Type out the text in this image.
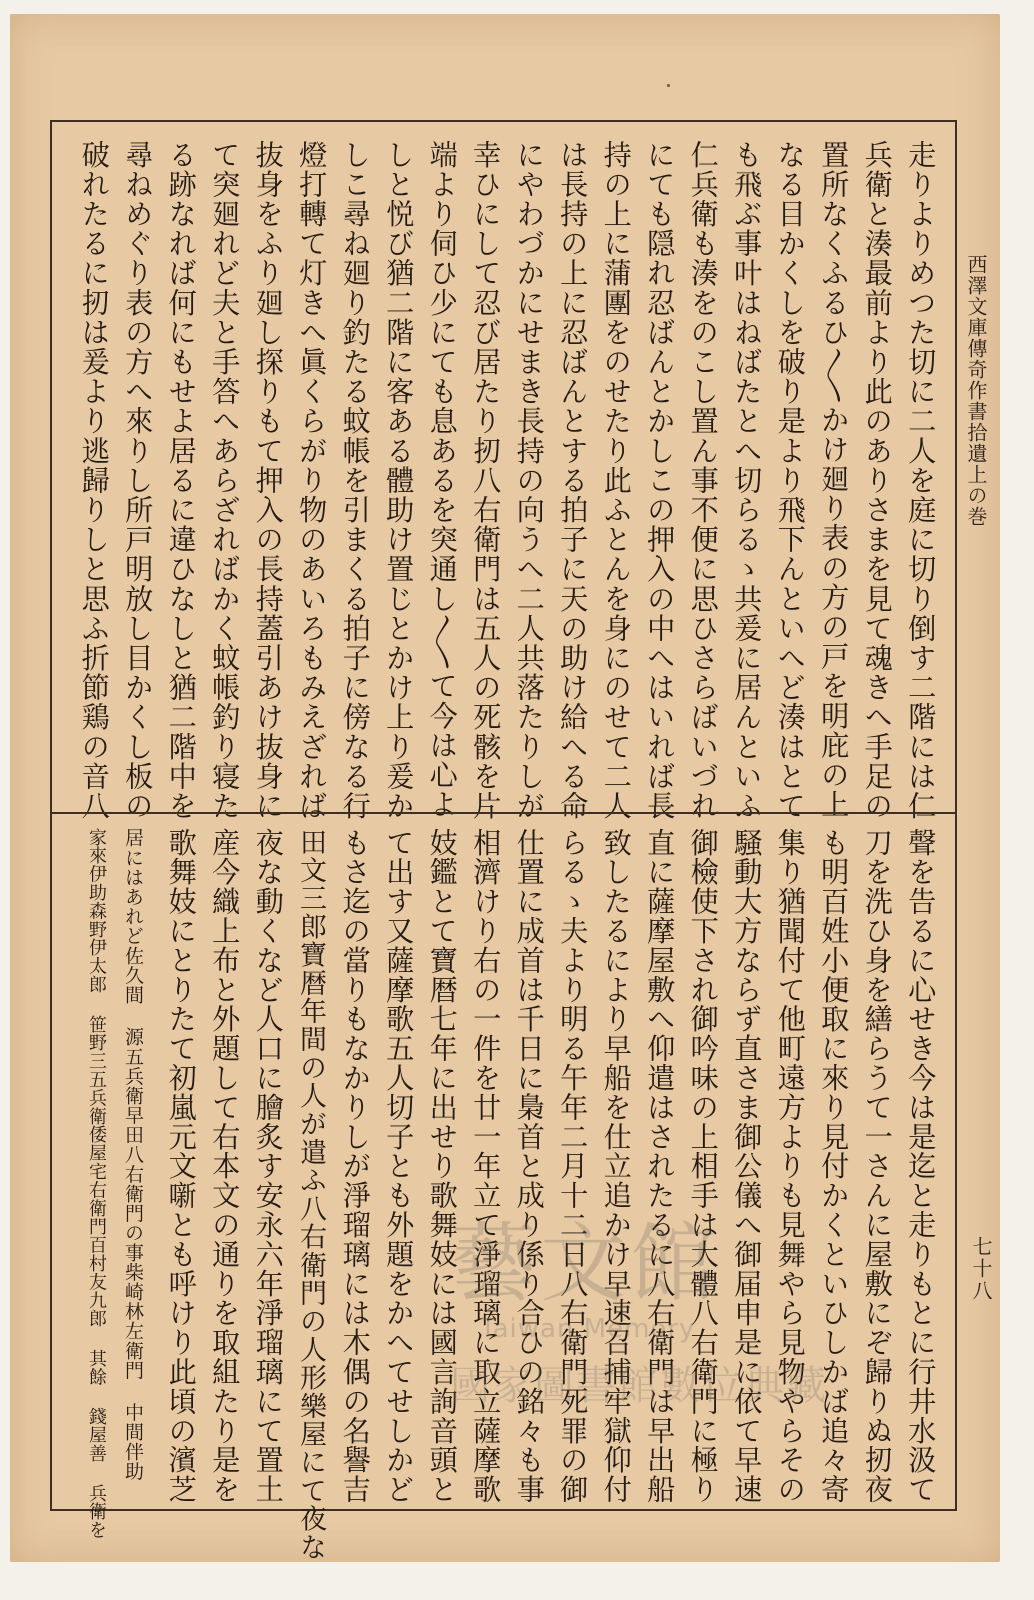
西澤文庫傳奇作書拾遺上の巻
七十八
走りよりめつた切に二人を庭に切り倒す二階には仁
兵衛と湊最前より此のありさまを見て魂きへ手足の
置所なくふるひ〳〵かけ廻り表の方の戸を明庇の上
なる目かくしを破り是より飛下んといへど湊はとて
も飛ぶ事叶はねばたとへ切らるゝ共爰に居んといふ
仁兵衛も湊をのこし置ん事不便に思ひさらばいづれ
にても隠れ忍ばんとかしこの押入の中へはいれば長
持の上に蒲團をのせたり此ふとんを身にのせて二人
は長持の上に忍ばんとする拍子に天の助け給へる命
にやわづかにせまき長持の向うへ二人共落たりしが
幸ひにして忍び居たり扨八右衛門は五人の死骸を片
端より伺ひ少にても息あるを突通し〳〵て今は心よ
しと悦び猶二階に客ある體助け置じとかけ上り爰か
しこ尋ね廻り釣たる蚊帳を引まくる拍子に傍なる行
燈打轉て灯きへ眞くらがり物のあいろもみえざれば
抜身をふり廻し探りもて押入の長持蓋引あけ抜身に
て突廻れど夫と手答へあらざればかく蚊帳釣り寝た
る跡なれば何にもせよ居るに違ひなしと猶二階中を
尋ねめぐり表の方へ來りし所戸明放し目かくし板の
破れたるに扨は爰より逃歸りしと思ふ折節鶏の音八
聲を告るに心せき今は是迄と走りもとに行井水汲て
刀を洗ひ身を繕らうて一さんに屋敷にぞ歸りぬ扨夜
も明百姓小便取に來り見付かくといひしかば追々寄
集り猶聞付て他町遠方よりも見舞やら見物やらその
騒動大方ならず直さま御公儀へ御届申是に依て早速
御檢使下され御吟味の上相手は大體八右衛門に極り
直に薩摩屋敷へ仰遣はされたるに八右衛門は早出船
致したるにより早船を仕立追かけ早速召捕牢獄仰付
らるゝ夫より明る午年二月十二日八右衛門死罪の御
仕置に成首は千日に梟首と成り係り合ひの銘々も事
相濟けり右の一件を廿一年立て淨瑠璃に取立薩摩歌
妓鑑とて寶暦七年に出せり歌舞妓には國言詢音頭と
て出す又薩摩歌五人切子とも外題をかへてせしかど
もさ迄の當りもなかりしが淨瑠璃には木偶の名譽吉
田文三郎寶暦年間の人が遣ふ八右衛門の人形樂屋にて夜な
夜な動くなど人口に膾炙す安永六年淨瑠璃にて置土
産今織上布と外題して右本文の通りを取組たり是を
歌舞妓にとりたて初嵐元文噺とも呼けり此頃の濱芝
居にはあれど佐久間 源五兵衛早田八右衛門の事柴崎林左衛門 中間伴助
家來伊助森野伊太郎 笹野三五兵衛倭屋宅右衛門百村友九郎 其餘 錢屋善 兵衛を	藝文館
Taiwan Memory
國家圖書館數位典藏
